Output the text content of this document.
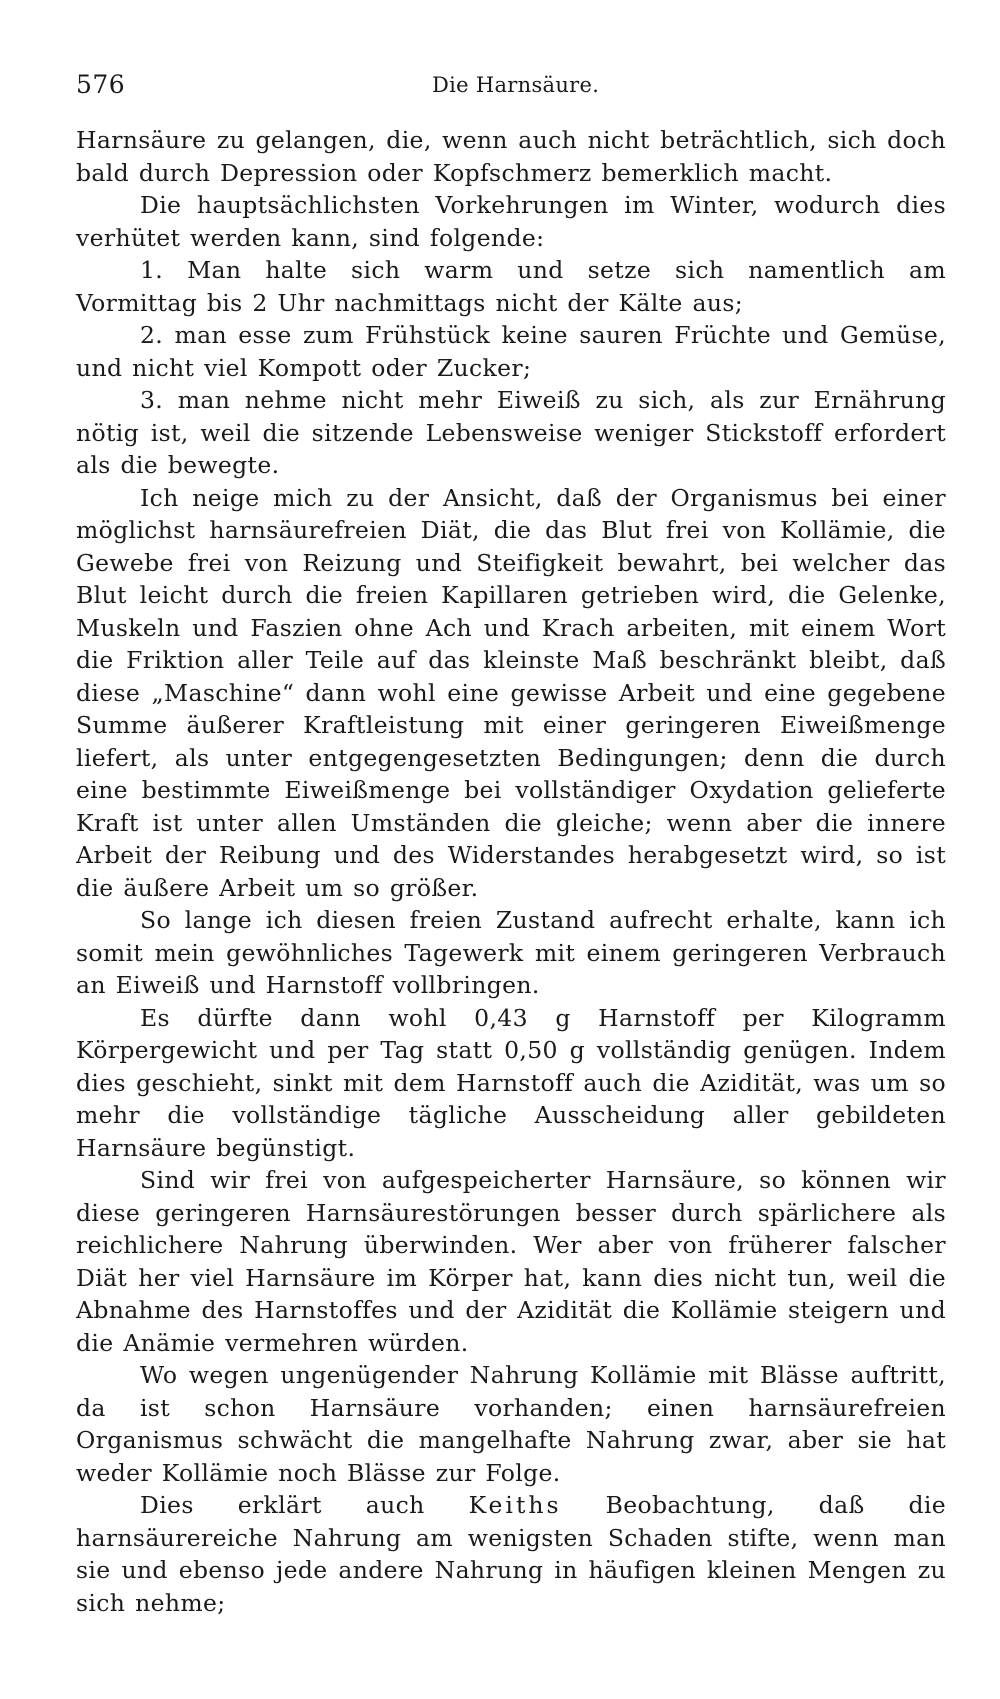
576	Die Harnsäure.

Harnsäure zu gelangen, die, wenn auch nicht beträchtlich, sich doch bald durch Depression oder Kopfschmerz bemerklich macht.

Die hauptsächlichsten Vorkehrungen im Winter, wodurch dies verhütet werden kann, sind folgende:

1. Man halte sich warm und setze sich namentlich am Vormittag bis 2 Uhr nachmittags nicht der Kälte aus;

2. man esse zum Frühstück keine sauren Früchte und Gemüse, und nicht viel Kompott oder Zucker;

3. man nehme nicht mehr Eiweiß zu sich, als zur Ernährung nötig ist, weil die sitzende Lebensweise weniger Stickstoff erfordert als die bewegte.

Ich neige mich zu der Ansicht, daß der Organismus bei einer möglichst harnsäurefreien Diät, die das Blut frei von Kollämie, die Gewebe frei von Reizung und Steifigkeit bewahrt, bei welcher das Blut leicht durch die freien Kapillaren getrieben wird, die Gelenke, Muskeln und Faszien ohne Ach und Krach arbeiten, mit einem Wort die Friktion aller Teile auf das kleinste Maß beschränkt bleibt, daß diese „Maschine“ dann wohl eine gewisse Arbeit und eine gegebene Summe äußerer Kraftleistung mit einer geringeren Eiweißmenge liefert, als unter entgegengesetzten Bedingungen; denn die durch eine bestimmte Eiweißmenge bei vollständiger Oxydation gelieferte Kraft ist unter allen Umständen die gleiche; wenn aber die innere Arbeit der Reibung und des Widerstandes herabgesetzt wird, so ist die äußere Arbeit um so größer.

So lange ich diesen freien Zustand aufrecht erhalte, kann ich somit mein gewöhnliches Tagewerk mit einem geringeren Verbrauch an Eiweiß und Harnstoff vollbringen.

Es dürfte dann wohl 0,43 g Harnstoff per Kilogramm Körpergewicht und per Tag statt 0,50 g vollständig genügen. Indem dies geschieht, sinkt mit dem Harnstoff auch die Azidität, was um so mehr die vollständige tägliche Ausscheidung aller gebildeten Harnsäure begünstigt.

Sind wir frei von aufgespeicherter Harnsäure, so können wir diese geringeren Harnsäurestörungen besser durch spärlichere als reichlichere Nahrung überwinden. Wer aber von früherer falscher Diät her viel Harnsäure im Körper hat, kann dies nicht tun, weil die Abnahme des Harnstoffes und der Azidität die Kollämie steigern und die Anämie vermehren würden.

Wo wegen ungenügender Nahrung Kollämie mit Blässe auftritt, da ist schon Harnsäure vorhanden; einen harnsäurefreien Organismus schwächt die mangelhafte Nahrung zwar, aber sie hat weder Kollämie noch Blässe zur Folge.

Dies erklärt auch Keiths Beobachtung, daß die harnsäurereiche Nahrung am wenigsten Schaden stifte, wenn man sie und ebenso jede andere Nahrung in häufigen kleinen Mengen zu sich nehme;
